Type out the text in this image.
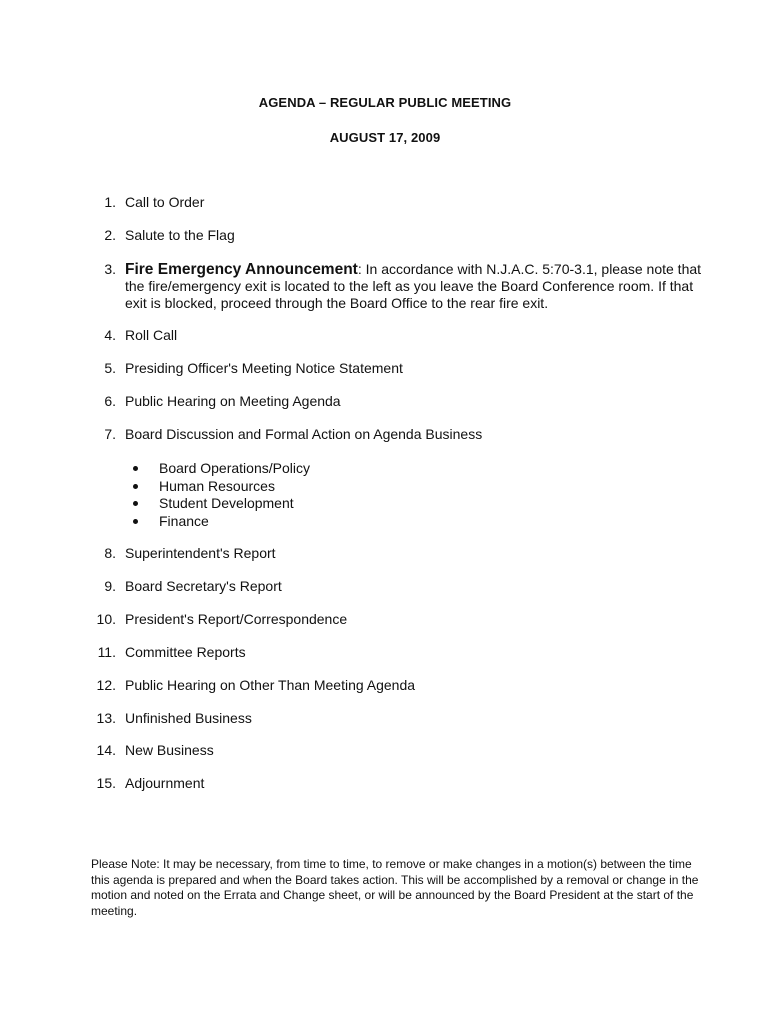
AGENDA – REGULAR PUBLIC MEETING
AUGUST 17, 2009
1. Call to Order
2. Salute to the Flag
3. Fire Emergency Announcement: In accordance with N.J.A.C. 5:70-3.1, please note that the fire/emergency exit is located to the left as you leave the Board Conference room. If that exit is blocked, proceed through the Board Office to the rear fire exit.
4. Roll Call
5. Presiding Officer's Meeting Notice Statement
6. Public Hearing on Meeting Agenda
7. Board Discussion and Formal Action on Agenda Business
Board Operations/Policy
Human Resources
Student Development
Finance
8. Superintendent's Report
9. Board Secretary's Report
10. President's Report/Correspondence
11. Committee Reports
12. Public Hearing on Other Than Meeting Agenda
13. Unfinished Business
14. New Business
15. Adjournment
Please Note: It may be necessary, from time to time, to remove or make changes in a motion(s) between the time this agenda is prepared and when the Board takes action. This will be accomplished by a removal or change in the motion and noted on the Errata and Change sheet, or will be announced by the Board President at the start of the meeting.
